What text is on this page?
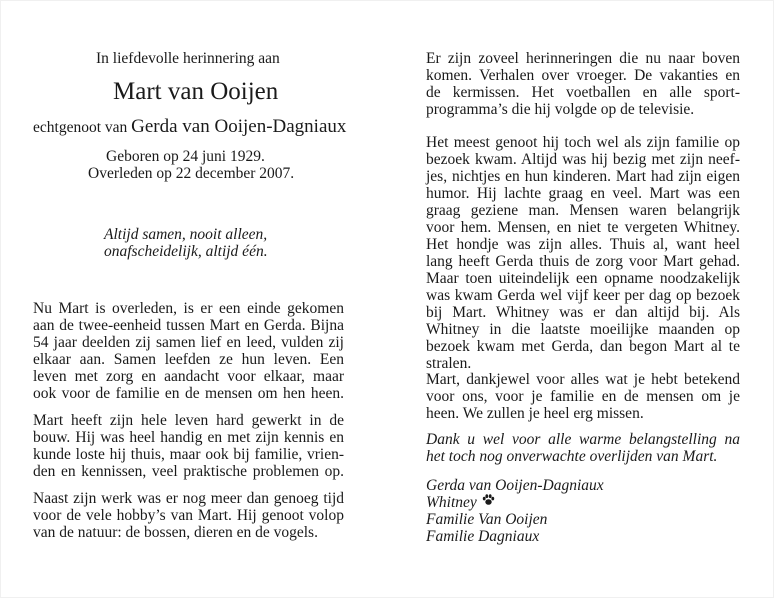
In liefdevolle herinnering aan
Mart van Ooijen
echtgenoot van Gerda van Ooijen-Dagniaux
Geboren op 24 juni 1929.
Overleden op 22 december 2007.
Altijd samen, nooit alleen,
onafscheidelijk, altijd één.
Nu Mart is overleden, is er een einde gekomen
aan de twee-eenheid tussen Mart en Gerda. Bijna
54 jaar deelden zij samen lief en leed, vulden zij
elkaar aan. Samen leefden ze hun leven. Een
leven met zorg en aandacht voor elkaar, maar
ook voor de familie en de mensen om hen heen.
Mart heeft zijn hele leven hard gewerkt in de
bouw. Hij was heel handig en met zijn kennis en
kunde loste hij thuis, maar ook bij familie, vrien-
den en kennissen, veel praktische problemen op.
Naast zijn werk was er nog meer dan genoeg tijd
voor de vele hobby’s van Mart. Hij genoot volop
van de natuur: de bossen, dieren en de vogels.
Er zijn zoveel herinneringen die nu naar boven
komen. Verhalen over vroeger. De vakanties en
de kermissen. Het voetballen en alle sport-
programma’s die hij volgde op de televisie.
Het meest genoot hij toch wel als zijn familie op
bezoek kwam. Altijd was hij bezig met zijn neef-
jes, nichtjes en hun kinderen. Mart had zijn eigen
humor. Hij lachte graag en veel. Mart was een
graag geziene man. Mensen waren belangrijk
voor hem. Mensen, en niet te vergeten Whitney.
Het hondje was zijn alles. Thuis al, want heel
lang heeft Gerda thuis de zorg voor Mart gehad.
Maar toen uiteindelijk een opname noodzakelijk
was kwam Gerda wel vijf keer per dag op bezoek
bij Mart. Whitney was er dan altijd bij. Als
Whitney in die laatste moeilijke maanden op
bezoek kwam met Gerda, dan begon Mart al te
stralen.
Mart, dankjewel voor alles wat je hebt betekend
voor ons, voor je familie en de mensen om je
heen. We zullen je heel erg missen.
Dank u wel voor alle warme belangstelling na
het toch nog onverwachte overlijden van Mart.
Gerda van Ooijen-Dagniaux
Whitney
Familie Van Ooijen
Familie Dagniaux
